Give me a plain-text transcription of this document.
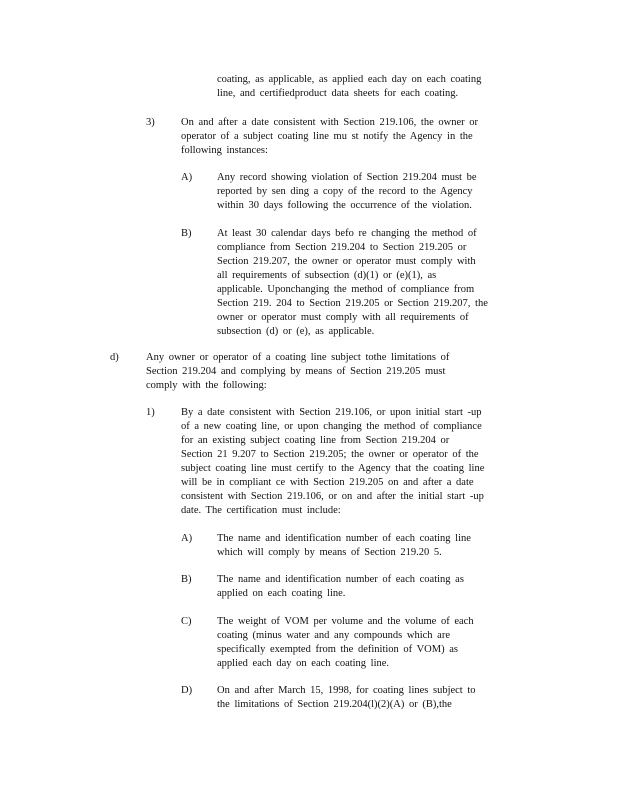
coating, as applicable, as applied each day on each coating
line, and certifiedproduct data sheets for each coating.
3)	On and after a date consistent with Section 219.106, the owner or
operator of a subject coating line mu st notify the Agency in the
following instances:
A) Any record showing violation of Section 219.204 must be
reported by sen ding a copy of the record to the Agency
within 30 days following the occurrence of the violation.
B) At least 30 calendar days befo re changing the method of
compliance from Section 219.204 to Section 219.205 or
Section 219.207, the owner or operator must comply with
all requirements of subsection (d)(1) or (e)(1), as
applicable. Uponchanging the method of compliance from
Section 219. 204 to Section 219.205 or Section 219.207, the
owner or operator must comply with all requirements of
subsection (d) or (e), as applicable.
d)	Any owner or operator of a coating line subject tothe limitations of
Section 219.204 and complying by means of Section 219.205 must
comply with the following:
1)	By a date consistent with Section 219.106, or upon initial start -up
of a new coating line, or upon changing the method of compliance
for an existing subject coating line from Section 219.204 or
Section 21 9.207 to Section 219.205; the owner or operator of the
subject coating line must certify to the Agency that the coating line
will be in compliant ce with Section 219.205 on and after a date
consistent with Section 219.106, or on and after the initial start -up
date. The certification must include:
A) The name and identification number of each coating line
which will comply by means of Section 219.20 5.
B) The name and identification number of each coating as
applied on each coating line.
C) The weight of VOM per volume and the volume of each
coating (minus water and any compounds which are
specifically exempted from the definition of VOM) as
applied each day on each coating line.
D) On and after March 15, 1998, for coating lines subject to
the limitations of Section 219.204(l)(2)(A) or (B),the
